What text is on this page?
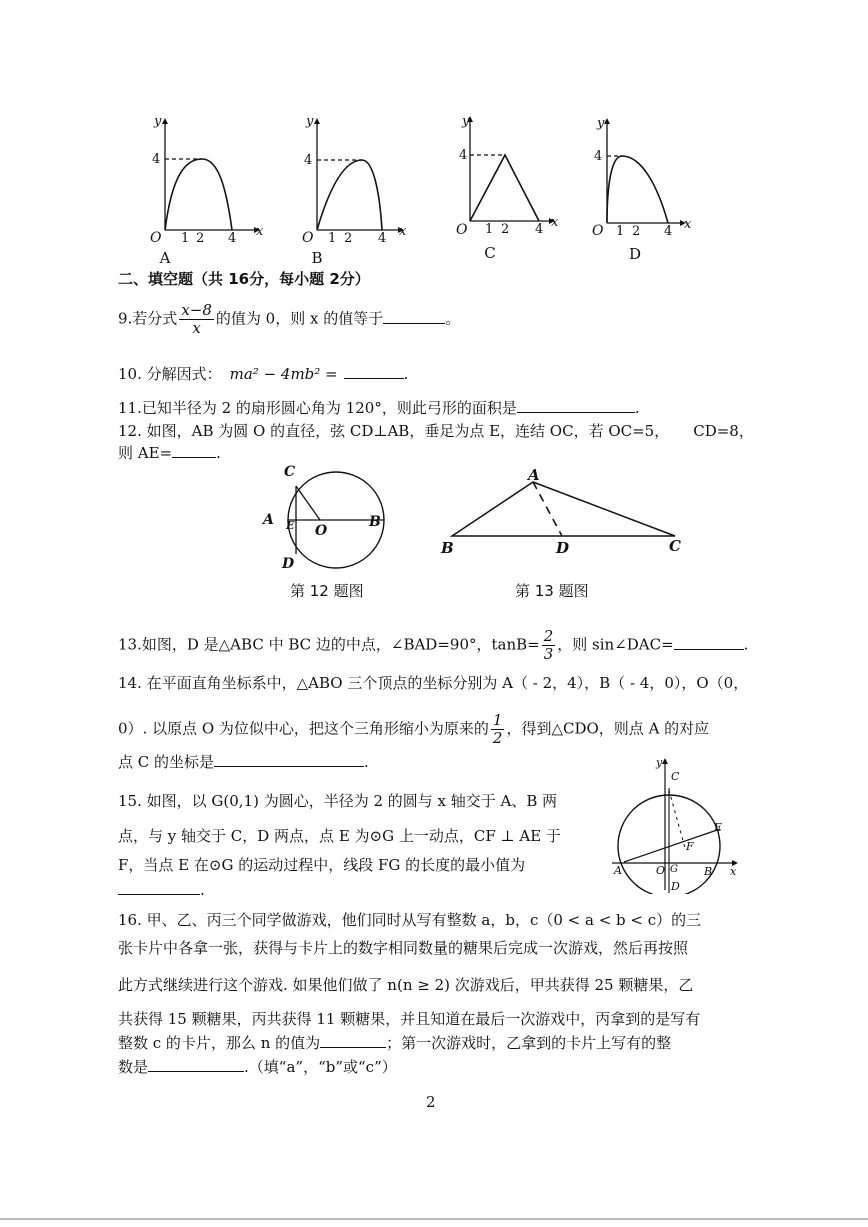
y
x
4
O 1 2 4
A
y
x
4
O 1 2 4
B
y
x
4
O 1 2 4
C
y
x
4
O 1 2 4
D
二、填空题（共 16分，每小题 2分）
9.若分式 $\frac{x-8}{x}$ 的值为 0，则 x 的值等于	。
10. 分解因式： ma² − 4mb² =	.
11.已知半径为 2 的扇形圆心角为 120°，则此弓形的面积是	.
12. 如图，AB 为圆 O 的直径，弦 CD⊥AB，垂足为点 E，连结 OC，若 OC=5， CD=8，
则 AE=	.
C
A E O
B
D
第 12 题图
A
B	D	C
第 13 题图
13.如图，D 是△ABC 中 BC 边的中点，∠BAD=90°，$\tan B= \frac{2}{3}$ ，则 sin∠DAC=	.
14. 在平面直角坐标系中，△ABO 三个顶点的坐标分别为 A（ - 2，4），B（ - 4，0），O（0，
0）. 以原点 O 为位似中心，把这个三角形缩小为原来的 $\frac{1}{2}$ ，得到△CDO，则点 A 的对应
点 C 的坐标是	.
15. 如图，以 G(0,1) 为圆心，半径为 2 的圆与 x 轴交于 A、B 两
点，与 y 轴交于 C，D 两点，点 E 为⊙G 上一动点，CF ⊥ AE 于
F，当点 E 在⊙G 的运动过程中，线段 FG 的长度的最小值为
.
y
C
E
F
A	O G B x
D
16. 甲、乙、丙三个同学做游戏，他们同时从写有整数 a，b，c（0 < a < b < c）的三
张卡片中各拿一张，获得与卡片上的数字相同数量的糖果后完成一次游戏，然后再按照
此方式继续进行这个游戏. 如果他们做了 n(n ≥ 2) 次游戏后，甲共获得 25 颗糖果，乙
共获得 15 颗糖果，丙共获得 11 颗糖果，并且知道在最后一次游戏中，丙拿到的是写有
整数 c 的卡片，那么 n 的值为	；第一次游戏时，乙拿到的卡片上写有的整
数是	.（填“a”，“b”或“c”）
2
